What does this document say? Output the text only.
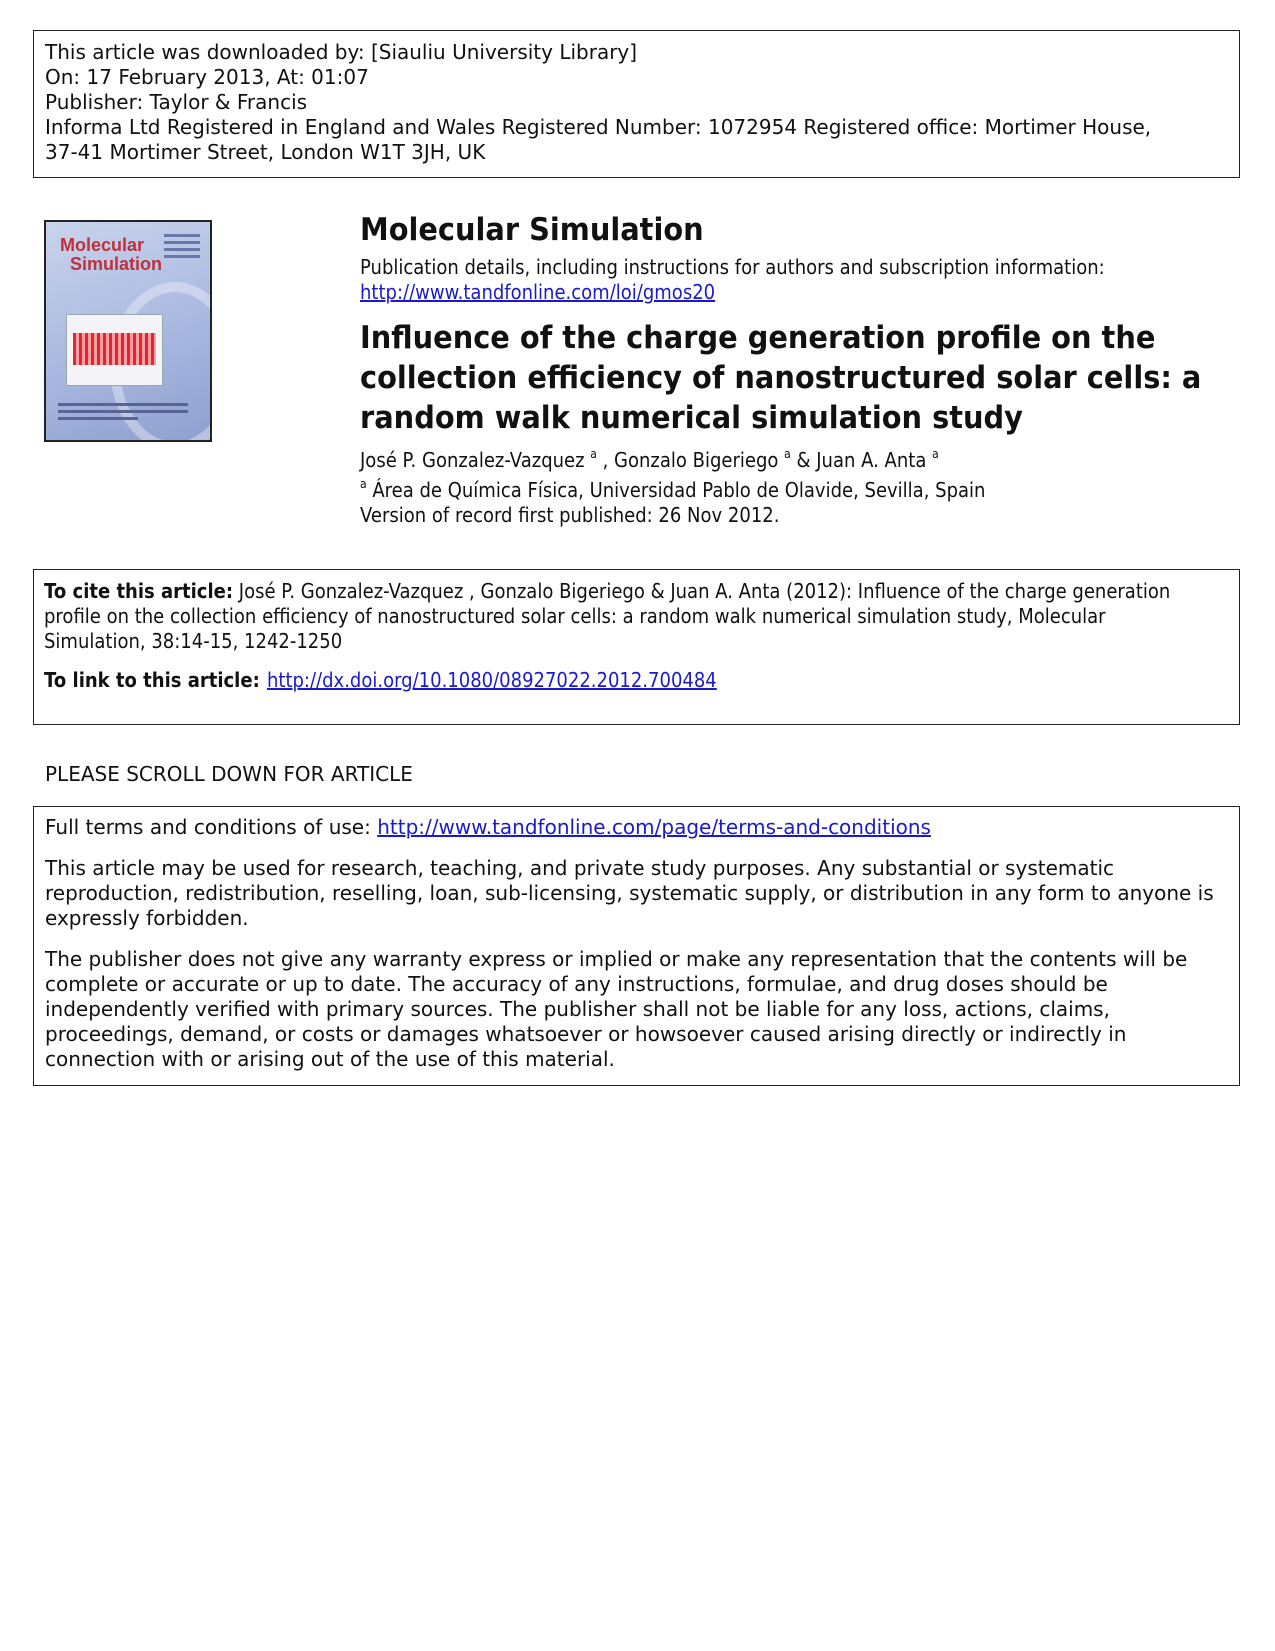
This article was downloaded by: [Siauliu University Library]
On: 17 February 2013, At: 01:07
Publisher: Taylor & Francis
Informa Ltd Registered in England and Wales Registered Number: 1072954 Registered office: Mortimer House,
37-41 Mortimer Street, London W1T 3JH, UK
Molecular
Simulation
Molecular Simulation
Publication details, including instructions for authors and subscription information:
http://www.tandfonline.com/loi/gmos20
Influence of the charge generation profile on the collection efficiency of nanostructured solar cells: a random walk numerical simulation study
José P. Gonzalez-Vazquez $^a$ , Gonzalo Bigeriego $^a$ & Juan A. Anta $^a$
$^a$ Área de Química Física, Universidad Pablo de Olavide, Sevilla, Spain
Version of record first published: 26 Nov 2012.
To cite this article: José P. Gonzalez-Vazquez , Gonzalo Bigeriego & Juan A. Anta (2012): Influence of the charge generation profile on the collection efficiency of nanostructured solar cells: a random walk numerical simulation study, Molecular Simulation, 38:14-15, 1242-1250
To link to this article: http://dx.doi.org/10.1080/08927022.2012.700484
PLEASE SCROLL DOWN FOR ARTICLE

Full terms and conditions of use: http://www.tandfonline.com/page/terms-and-conditions

This article may be used for research, teaching, and private study purposes. Any substantial or systematic reproduction, redistribution, reselling, loan, sub-licensing, systematic supply, or distribution in any form to anyone is expressly forbidden.

The publisher does not give any warranty express or implied or make any representation that the contents will be complete or accurate or up to date. The accuracy of any instructions, formulae, and drug doses should be independently verified with primary sources. The publisher shall not be liable for any loss, actions, claims, proceedings, demand, or costs or damages whatsoever or howsoever caused arising directly or indirectly in connection with or arising out of the use of this material.
